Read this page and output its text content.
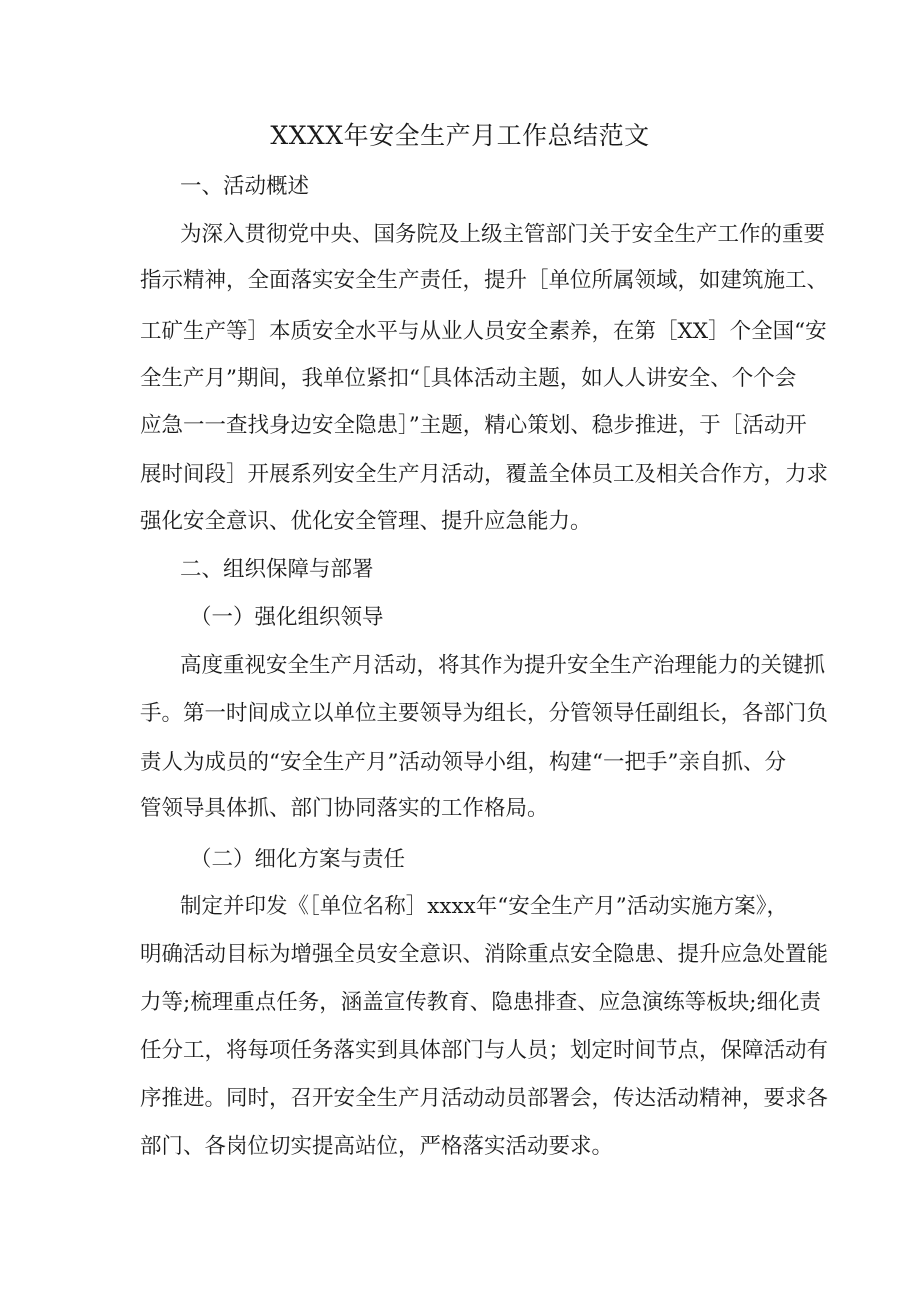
XXXX年安全生产月工作总结范文

一、活动概述

为深入贯彻党中央、国务院及上级主管部门关于安全生产工作的重要

指示精神，全面落实安全生产责任，提升［单位所属领域，如建筑施工、

工矿生产等］本质安全水平与从业人员安全素养，在第［XX］个全国“安

全生产月”期间，我单位紧扣“［具体活动主题，如人人讲安全、个个会

应急一一查找身边安全隐患］”主题，精心策划、稳步推进，于［活动开

展时间段］开展系列安全生产月活动，覆盖全体员工及相关合作方，力求

强化安全意识、优化安全管理、提升应急能力。

二、组织保障与部署

（一）强化组织领导

高度重视安全生产月活动，将其作为提升安全生产治理能力的关键抓

手。第一时间成立以单位主要领导为组长，分管领导任副组长，各部门负

责人为成员的“安全生产月”活动领导小组，构建“一把手”亲自抓、分

管领导具体抓、部门协同落实的工作格局。

（二）细化方案与责任

制定并印发《［单位名称］xxxx年“安全生产月”活动实施方案》，

明确活动目标为增强全员安全意识、消除重点安全隐患、提升应急处置能

力等;梳理重点任务，涵盖宣传教育、隐患排查、应急演练等板块;细化责

任分工，将每项任务落实到具体部门与人员；划定时间节点，保障活动有

序推进。同时，召开安全生产月活动动员部署会，传达活动精神，要求各

部门、各岗位切实提高站位，严格落实活动要求。
